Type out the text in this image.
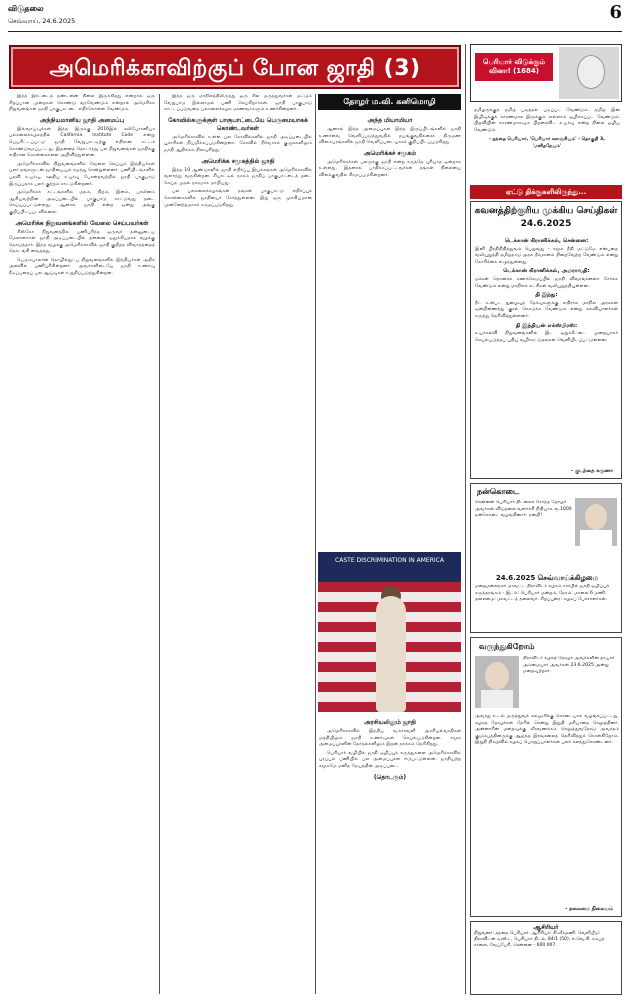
விடுதலை
செவ்வாய், 24.6.2025	6
அமெரிக்காவிற்குப் போன ஜாதி (3)

இந்த இரட்டைத் தண்டனை நிலை இருக்கிறது என்றால் ஒரு சிறப்பான முறைகள் கொண்டு வரவேண்டும் என்றால் அமெரிக்க நிறுவனங்கள் ஜாதி பாகுபாட்டை எதிர்கொள்ள வேண்டும்.

அந்நியமானிய ஜாதி அமைப்பு

இவ்வாய்வுக்கள் இந்த இருக்கு 2016இல் கலிபோர்னியா பல்கலைக்கழகத்தில் California Institute Code என்று பெயரிட்டப்பட்டு ஜாதி வேறுபாட்டிற்கு எதிரான சட்டம் கொண்டுவரப்பட்டது. இதனைத் தொடர்ந்து பல நிறுவனங்கள் ஜாதிக்கு எதிரான கொள்கைகளை அறிவித்துள்ளன.

அமெரிக்காவில் நிறுவனங்களில் வேலை செய்யும் இந்தியர்கள் பலர் தங்களுடன் ஜாதியையும் சுமந்து சென்றுள்ளனர். பணியிடங்களில் பதவி உயர்வு, ஊதிய உயர்வு போன்றவற்றில் ஜாதி பாகுபாடு இருப்பதாக பலர் குற்றம் சாட்டுகின்றனர்.

அமெரிக்கச் சட்டங்களில் மதம், நிறம், இனம், பாலினம் ஆகியவற்றின் அடிப்படையில் பாகுபாடு காட்டுவது தடை செய்யப்பட்டுள்ளது. ஆனால் ஜாதி என்ற ஒன்று அங்கு குறிப்பிடப்படவில்லை.

அமெரிக்க நிறுவனங்களில் வேலை செய்பவர்கள்

சிஸ்கோ நிறுவனத்தில் பணிபுரிந்த ஒருவர் தன்னுடைய மேலாளர்கள் ஜாதி அடிப்படையில் தன்னை ஒதுக்கியதாக வழக்கு தொடுத்தார். இந்த வழக்கு அமெரிக்காவில் ஜாதி குறித்த விவாதத்தைத் தொடங்கி வைத்தது.

பெரும்பாலான தொழில்நுட்ப நிறுவனங்களில் இந்தியர்கள் அதிக அளவில் பணிபுரிகின்றனர். அவர்களிடையே ஜாதி உணர்வு நீடிப்பதைப் பல ஆய்வுகள் உறுதிப்படுத்துகின்றன.

இந்த ஒரு மாநிலத்திலிருந்து ஒரு சில மருத்துவர்கள் மட்டும் வேறுபாடு இல்லாமல் பணி செய்கிறார்கள். ஜாதி பாகுபாடு காட்டப்படுவதை பல்கலைக்கழக மாணவர்களும் உணர்கின்றனர்.

கோவில்களுக்குள் பாகுபாட்டையே பெருமையாகக் கொண்டவர்கள்

அமெரிக்காவில் உள்ள பல கோவில்களில் ஜாதி அடிப்படையில் பூசாரிகள் நியமிக்கப்படுகின்றனர். கோவில் நிர்வாகக் குழுக்களிலும் ஜாதி ஆதிக்கம் நிலவுகிறது.

அமெரிக்க சமூகத்தில் ஜாதி

இந்த 10 ஆண்டுகளில் ஜாதி எதிர்ப்பு இயக்கங்கள் அமெரிக்காவில் வளர்ந்து வருகின்றன. சியாட்டில் நகரம் ஜாதிப் பாகுபாட்டைத் தடை செய்த முதல் நகரமாக மாறியது.

பல பல்கலைக்கழகங்கள் தங்கள் பாகுபாட்டு எதிர்ப்புக் கொள்கைகளில் ஜாதியைச் சேர்த்துள்ளன. இது ஒரு முக்கியமான முன்னேற்றமாகக் கருதப்படுகிறது.

தோழர் ம.வி. கனிமொழி

அந்த மியாமியா

ஆனால் இந்த அமைப்புகள் இந்த இருப்பிடங்களில் ஜாதி உணர்வை வெளிப்படுத்துவதில் தயங்குவதில்லை. திருமண விளம்பரங்களில் ஜாதி வெளிப்படையாகக் குறிப்பிடப்படுகிறது.

அமெரிக்கச் சமூகம்

அமெரிக்கர்கள் பலருக்கு ஜாதி என்ற கருத்தே புரியாத ஒன்றாக உள்ளது. இதனால் பாதிக்கப்பட்டவர்கள் தங்கள் நிலையை விளக்குவதில் சிரமப்படுகின்றனர்.

CASTE DISCRIMINATION IN AMERICA

அரசியலிலும் ஜாதி

அமெரிக்காவில் இந்திய வம்சாவளி அரசியல்வாதிகள் மத்தியிலும் ஜாதி உணர்வுகள் செயல்படுகின்றன. சமூக அமைப்புகளின் தேர்தல்களிலும் இதன் தாக்கம் தெரிகிறது.

பெரியார் வழியில் ஜாதி ஒழிப்புக் கருத்துகளை அமெரிக்காவில் பரப்பும் பணியில் பல அமைப்புகள் ஈடுபட்டுள்ளன. ஜாதியற்ற சமூகமே மனித நேயத்தின் அடிப்படை.

(தொடரும்)

பெரியார் விடுக்கும் வினா! (1684)
தமிழருக்குத் தமிழ் படித்தல் படிப்பட வேண்டும். தமிழ் இன இழிவுக்குக் காரணமாக இருக்கும் எல்லாம் ஒழிக்கப்பட வேண்டும். பிறவியின் காரணமாகவும் பிறரைவிட உயர்வு என்ற நிலை ஒழிய வேண்டும்.
- தந்தை பெரியார், 'பெரியார் களஞ்சியம்' - தொகுதி 3, 'மனிதநேயம்'
ஏட்டு திக்குகளிலிருந்து...
கவனத்திற்குரிய முக்கிய செய்திகள்
24.6.2025
டெக்கான் கிரானிக்கல், சென்னை:
இனி பிரதிநிதித்துவம் பெறுவது - சமூக நீதி மட்டுமே என்பதை வலியுறுத்தி தமிழ்நாடு அரசு தீர்மானம் நிறைவேற்ற வேண்டும் என்று கோரிக்கை எழுந்துள்ளது.
டெக்கான் கிரானிக்கல், அமராவதி:
மக்கள் தொகைக் கணக்கெடுப்பில் ஜாதி விவரங்களைச் சேர்க்க வேண்டும் என்று மாநிலக் கட்சிகள் வலியுறுத்தியுள்ளன.
தி இந்து:
நீட் உள்பட நுழைவுத் தேர்வுகளுக்கு எதிராக மாநில அரசுகள் ஒன்றிணைந்து குரல் கொடுக்க வேண்டும் என்று கல்வியாளர்கள் கருத்து தெரிவித்துள்ளனர்.
தி இந்தியன் எக்ஸ்பிரஸ்:
உயர்கல்வி நிறுவனங்களில் இட ஒதுக்கீட்டை முறையாகச் செயல்படுத்தப் புதிய வழிகாட்டுதல்கள் வெளியிடப்பட்டுள்ளன.
- குடந்தை கருணா
நன்கொடை
சென்னை பெரியார் திடலைச் சேர்ந்த தோழர் அவர்கள் விடுதலை வளர்ச்சி நிதியாக ரூ.1000 நன்கொடை வழங்கினார். நன்றி!
24.6.2025 செவ்வாய்க்கிழமை
மறைமலைநகர் மாவட்ட திராவிடர் கழகம் சார்பில் ஜாதி ஒழிப்புக் கருத்தரங்கம் - இடம்: பெரியார் மன்றம், நேரம்: மாலை 6 மணி. தலைமை: மாவட்டத் தலைவர். சிறப்புரை: கழகப் பேச்சாளர்கள்.
வருந்துகிறோம்
திராவிடர் கழகத் தோழர் அவர்களின் தாயார் அம்மையார் அவர்கள் 23.6.2025 அன்று மறைவுற்றார்.
அவரது உடல் மருத்துவக் கல்லூரிக்கு கொடையாக வழங்கப்பட்டது. கழகத் தோழர்கள் நேரில் சென்று இறுதி மரியாதை செலுத்தினர். அன்னாரின் மறைவுக்கு வீரவணக்கம் செலுத்துவதோடு அவர்தம் குடும்பத்தினருக்கு ஆழ்ந்த இரங்கலைத் தெரிவித்துக் கொள்கிறோம். இறுதி நிகழ்வில் கழகப் பொறுப்பாளர்கள் பலர் கலந்துகொண்டனர்.
- தலைமை நிலையம்
ஆசிரியர்
நிறுவனர்: தந்தை பெரியார். ஆசிரியர்: கி.வீரமணி. வெளியீடு: திராவிடன் டிரஸ்ட், பெரியார் திடல், 84/1 (50), ஈ.வெ.கி. சம்பத் சாலை, வேப்பேரி, சென்னை - 600 007.
